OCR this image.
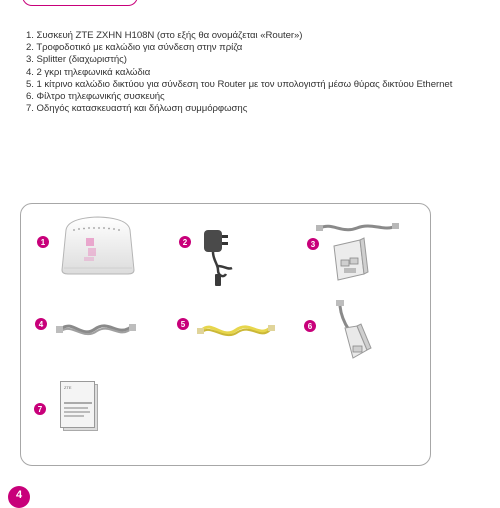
1. Συσκευή ZTE ZXHN H108N (στο εξής θα ονομάζεται «Router»)
2. Τροφοδοτικό με καλώδιο για σύνδεση στην πρίζα
3. Splitter (διαχωριστής)
4. 2 γκρι τηλεφωνικά καλώδια
5. 1 κίτρινο καλώδιο δικτύου για σύνδεση του Router με τον υπολογιστή μέσω θύρας δικτύου Ethernet
6. Φίλτρο τηλεφωνικής συσκευής
7. Οδηγός κατασκευαστή και δήλωση συμμόρφωσης
1	2	3
4	5	6
7
ZTE
4
